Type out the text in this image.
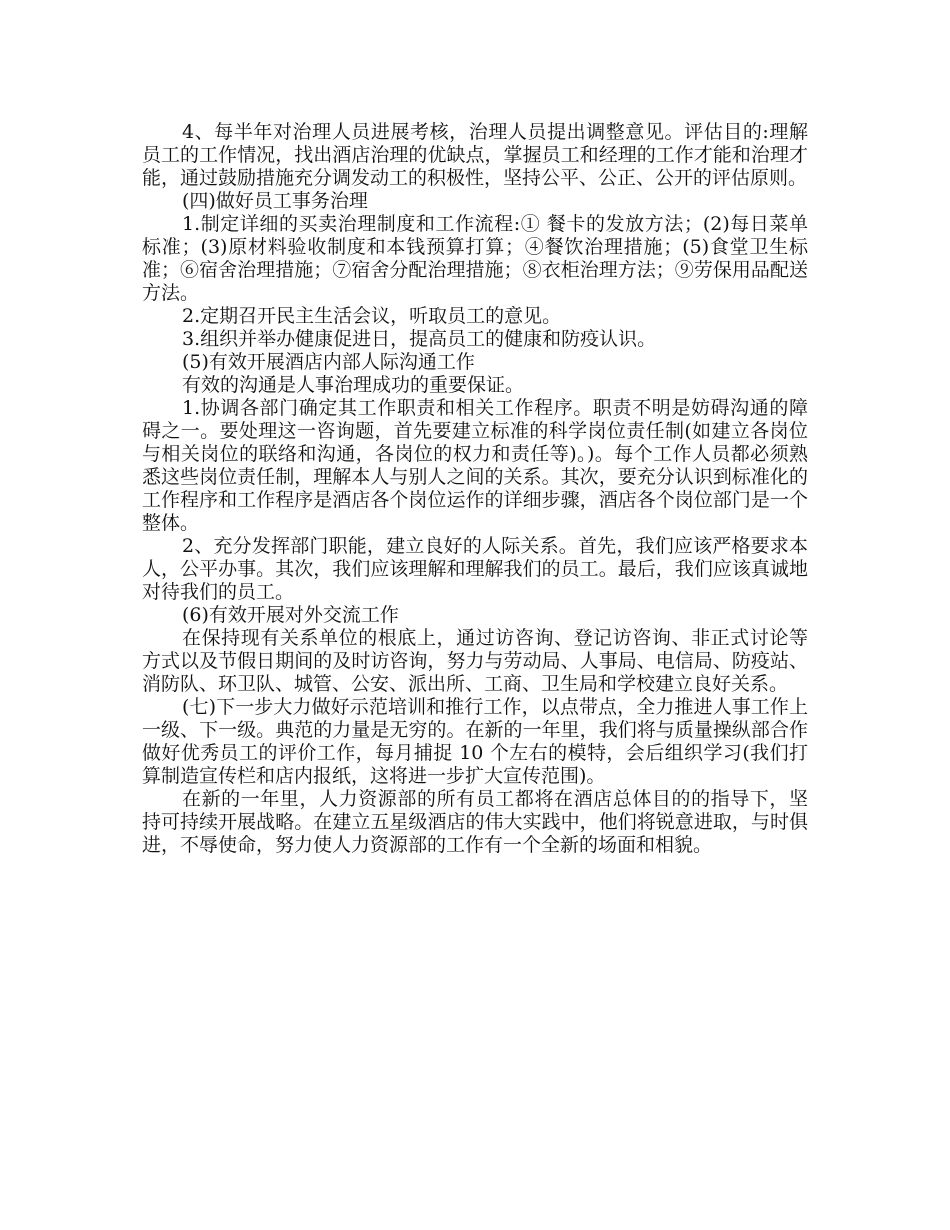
4、每半年对治理人员进展考核，治理人员提出调整意见。评估目的:理解员工的工作情况，找出酒店治理的优缺点，掌握员工和经理的工作才能和治理才能，通过鼓励措施充分调发动工的积极性，坚持公平、公正、公开的评估原则。

(四)做好员工事务治理

1.制定详细的买卖治理制度和工作流程:① 餐卡的发放方法；(2)每日菜单标准；(3)原材料验收制度和本钱预算打算；④餐饮治理措施；(5)食堂卫生标准；⑥宿舍治理措施；⑦宿舍分配治理措施；⑧衣柜治理方法；⑨劳保用品配送方法。

2.定期召开民主生活会议，听取员工的意见。

3.组织并举办健康促进日，提高员工的健康和防疫认识。

(5)有效开展酒店内部人际沟通工作

有效的沟通是人事治理成功的重要保证。

1.协调各部门确定其工作职责和相关工作程序。职责不明是妨碍沟通的障碍之一。要处理这一咨询题，首先要建立标准的科学岗位责任制(如建立各岗位与相关岗位的联络和沟通，各岗位的权力和责任等)。)。每个工作人员都必须熟悉这些岗位责任制，理解本人与别人之间的关系。其次，要充分认识到标准化的工作程序和工作程序是酒店各个岗位运作的详细步骤，酒店各个岗位部门是一个整体。

2、充分发挥部门职能，建立良好的人际关系。首先，我们应该严格要求本人，公平办事。其次，我们应该理解和理解我们的员工。最后，我们应该真诚地对待我们的员工。

(6)有效开展对外交流工作

在保持现有关系单位的根底上，通过访咨询、登记访咨询、非正式讨论等方式以及节假日期间的及时访咨询，努力与劳动局、人事局、电信局、防疫站、消防队、环卫队、城管、公安、派出所、工商、卫生局和学校建立良好关系。

(七)下一步大力做好示范培训和推行工作，以点带点，全力推进人事工作上一级、下一级。典范的力量是无穷的。在新的一年里，我们将与质量操纵部合作做好优秀员工的评价工作，每月捕捉 10 个左右的模特，会后组织学习(我们打算制造宣传栏和店内报纸，这将进一步扩大宣传范围)。

在新的一年里，人力资源部的所有员工都将在酒店总体目的的指导下，坚持可持续开展战略。在建立五星级酒店的伟大实践中，他们将锐意进取，与时俱进，不辱使命，努力使人力资源部的工作有一个全新的场面和相貌。
